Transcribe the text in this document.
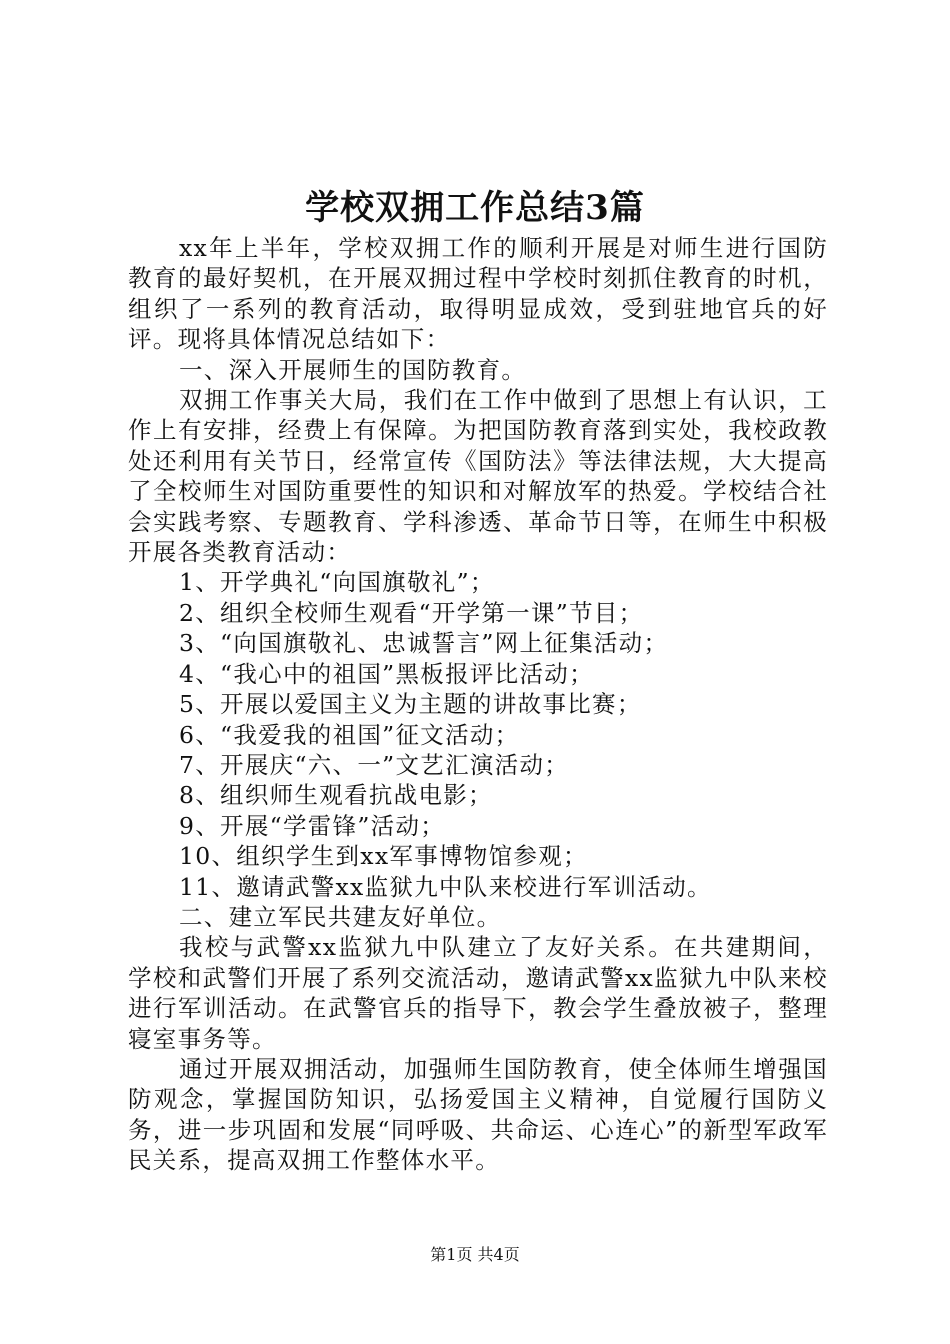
学校双拥工作总结3篇

xx年上半年，学校双拥工作的顺利开展是对师生进行国防教育的最好契机，在开展双拥过程中学校时刻抓住教育的时机，组织了一系列的教育活动，取得明显成效，受到驻地官兵的好评。现将具体情况总结如下：

一、深入开展师生的国防教育。

双拥工作事关大局，我们在工作中做到了思想上有认识，工作上有安排，经费上有保障。为把国防教育落到实处，我校政教处还利用有关节日，经常宣传《国防法》等法律法规，大大提高了全校师生对国防重要性的知识和对解放军的热爱。学校结合社会实践考察、专题教育、学科渗透、革命节日等，在师生中积极开展各类教育活动：

1、开学典礼“向国旗敬礼”；

2、组织全校师生观看“开学第一课”节目；

3、“向国旗敬礼、忠诚誓言”网上征集活动；

4、“我心中的祖国”黑板报评比活动；

5、开展以爱国主义为主题的讲故事比赛；

6、“我爱我的祖国”征文活动；

7、开展庆“六、一”文艺汇演活动；

8、组织师生观看抗战电影；

9、开展“学雷锋”活动；

10、组织学生到xx军事博物馆参观；

11、邀请武警xx监狱九中队来校进行军训活动。

二、建立军民共建友好单位。

我校与武警xx监狱九中队建立了友好关系。在共建期间，学校和武警们开展了系列交流活动，邀请武警xx监狱九中队来校进行军训活动。在武警官兵的指导下，教会学生叠放被子，整理寝室事务等。

通过开展双拥活动，加强师生国防教育，使全体师生增强国防观念，掌握国防知识，弘扬爱国主义精神，自觉履行国防义务，进一步巩固和发展“同呼吸、共命运、心连心”的新型军政军民关系，提高双拥工作整体水平。

第1页 共4页
